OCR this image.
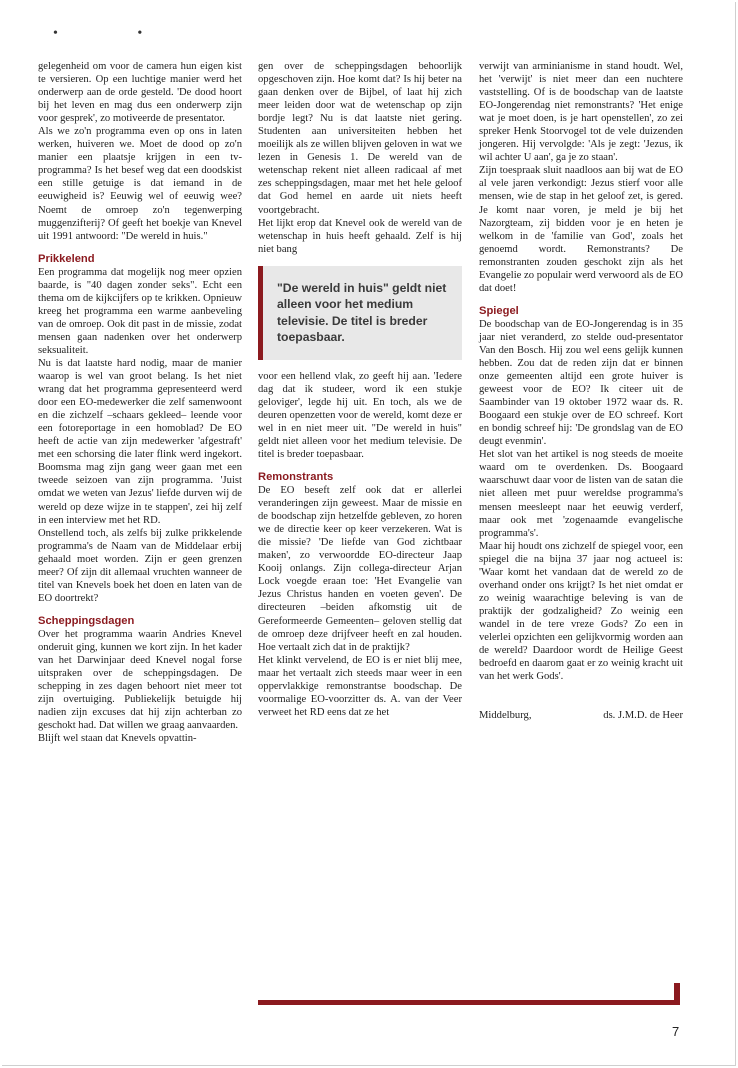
• •

gelegenheid om voor de camera hun eigen kist te versieren. Op een luchtige manier werd het onderwerp aan de orde gesteld. 'De dood hoort bij het leven en mag dus een onderwerp zijn voor gesprek', zo motiveerde de presentator.

Als we zo'n programma even op ons in laten werken, huiveren we. Moet de dood op zo'n manier een plaatsje krijgen in een tv-programma? Is het besef weg dat een doodskist een stille getuige is dat iemand in de eeuwigheid is? Eeuwig wel of eeuwig wee? Noemt de omroep zo'n tegenwerping muggenzifterij? Of geeft het boekje van Knevel uit 1991 antwoord: "De wereld in huis."

Prikkelend

Een programma dat mogelijk nog meer opzien baarde, is "40 dagen zonder seks". Echt een thema om de kijkcijfers op te krikken. Opnieuw kreeg het programma een warme aanbeveling van de omroep. Ook dit past in de missie, zodat mensen gaan nadenken over het onderwerp seksualiteit.

Nu is dat laatste hard nodig, maar de manier waarop is wel van groot belang. Is het niet wrang dat het programma gepresenteerd werd door een EO-medewerker die zelf samenwoont en die zichzelf –schaars gekleed– leende voor een fotoreportage in een homoblad? De EO heeft de actie van zijn medewerker 'afgestraft' met een schorsing die later flink werd ingekort. Boomsma mag zijn gang weer gaan met een tweede seizoen van zijn programma. 'Juist omdat we weten van Jezus' liefde durven wij de wereld op deze wijze in te stappen', zei hij zelf in een interview met het RD.

Onstellend toch, als zelfs bij zulke prikkelende programma's de Naam van de Middelaar erbij gehaald moet worden. Zijn er geen grenzen meer? Of zijn dit allemaal vruchten wanneer de titel van Knevels boek het doen en laten van de EO doortrekt?

Scheppingsdagen

Over het programma waarin Andries Knevel onderuit ging, kunnen we kort zijn. In het kader van het Darwinjaar deed Knevel nogal forse uitspraken over de scheppingsdagen. De schepping in zes dagen behoort niet meer tot zijn overtuiging. Publiekelijk betuigde hij nadien zijn excuses dat hij zijn achterban zo geschokt had. Dat willen we graag aanvaarden.

Blijft wel staan dat Knevels opvattin-

gen over de scheppingsdagen behoorlijk opgeschoven zijn. Hoe komt dat? Is hij beter na gaan denken over de Bijbel, of laat hij zich meer leiden door wat de wetenschap op zijn bordje legt? Nu is dat laatste niet gering. Studenten aan universiteiten hebben het moeilijk als ze willen blijven geloven in wat we lezen in Genesis 1. De wereld van de wetenschap rekent niet alleen radicaal af met zes scheppingsdagen, maar met het hele geloof dat God hemel en aarde uit niets heeft voortgebracht.

Het lijkt erop dat Knevel ook de wereld van de wetenschap in huis heeft gehaald. Zelf is hij niet bang

"De wereld in huis" geldt niet alleen voor het medium televisie. De titel is breder toepasbaar.

voor een hellend vlak, zo geeft hij aan. 'Iedere dag dat ik studeer, word ik een stukje geloviger', legde hij uit. En toch, als we de deuren openzetten voor de wereld, komt deze er wel in en niet meer uit. "De wereld in huis" geldt niet alleen voor het medium televisie. De titel is breder toepasbaar.

Remonstrants

De EO beseft zelf ook dat er allerlei veranderingen zijn geweest. Maar de missie en de boodschap zijn hetzelfde gebleven, zo horen we de directie keer op keer verzekeren. Wat is die missie? 'De liefde van God zichtbaar maken', zo verwoordde EO-directeur Jaap Kooij onlangs. Zijn collega-directeur Arjan Lock voegde eraan toe: 'Het Evangelie van Jezus Christus handen en voeten geven'. De directeuren –beiden afkomstig uit de Gereformeerde Gemeenten– geloven stellig dat de omroep deze drijfveer heeft en zal houden. Hoe vertaalt zich dat in de praktijk?

Het klinkt vervelend, de EO is er niet blij mee, maar het vertaalt zich steeds maar weer in een oppervlakkige remonstrantse boodschap. De voormalige EO-voorzitter ds. A. van der Veer verweet het RD eens dat ze het

verwijt van arminianisme in stand houdt. Wel, het 'verwijt' is niet meer dan een nuchtere vaststelling. Of is de boodschap van de laatste EO-Jongerendag niet remonstrants? 'Het enige wat je moet doen, is je hart openstellen', zo zei spreker Henk Stoorvogel tot de vele duizenden jongeren. Hij vervolgde: 'Als je zegt: 'Jezus, ik wil achter U aan', ga je zo staan'.

Zijn toespraak sluit naadloos aan bij wat de EO al vele jaren verkondigt: Jezus stierf voor alle mensen, wie de stap in het geloof zet, is gered. Je komt naar voren, je meld je bij het Nazorgteam, zij bidden voor je en heten je welkom in de 'familie van God', zoals het genoemd wordt. Remonstrants? De remonstranten zouden geschokt zijn als het Evangelie zo populair werd verwoord als de EO dat doet!

Spiegel

De boodschap van de EO-Jongerendag is in 35 jaar niet veranderd, zo stelde oud-presentator Van den Bosch. Hij zou wel eens gelijk kunnen hebben. Zou dat de reden zijn dat er binnen onze gemeenten altijd een grote huiver is geweest voor de EO? Ik citeer uit de Saambinder van 19 oktober 1972 waar ds. R. Boogaard een stukje over de EO schreef. Kort en bondig schreef hij: 'De grondslag van de EO deugt evenmin'.

Het slot van het artikel is nog steeds de moeite waard om te overdenken. Ds. Boogaard waarschuwt daar voor de listen van de satan die niet alleen met puur wereldse programma's mensen meesleept naar het eeuwig verderf, maar ook met 'zogenaamde evangelische programma's'.

Maar hij houdt ons zichzelf de spiegel voor, een spiegel die na bijna 37 jaar nog actueel is: 'Waar komt het vandaan dat de wereld zo de overhand onder ons krijgt? Is het niet omdat er zo weinig waarachtige beleving is van de praktijk der godzaligheid? Zo weinig een wandel in de tere vreze Gods? Zo een in velerlei opzichten een gelijkvormig worden aan de wereld? Daardoor wordt de Heilige Geest bedroefd en daarom gaat er zo weinig kracht uit van het werk Gods'.

Middelburg,	ds. J.M.D. de Heer
7
